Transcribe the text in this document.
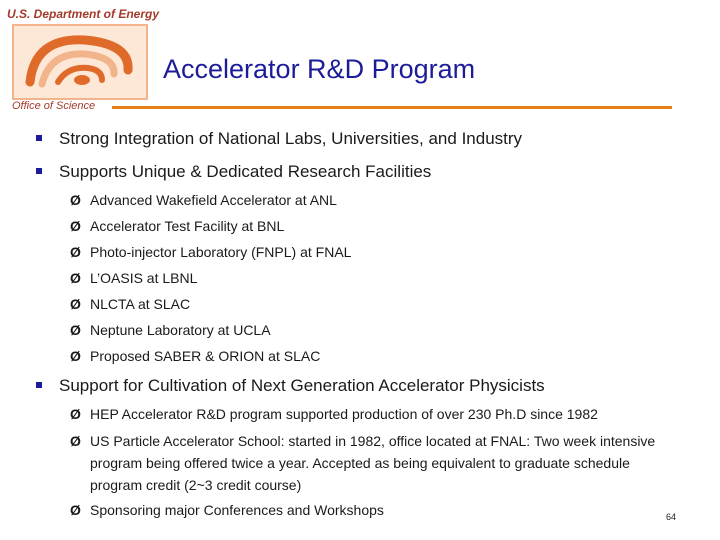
U.S. Department of Energy
Accelerator R&D Program
Office of Science
Strong Integration of National Labs, Universities, and Industry
Supports Unique & Dedicated Research Facilities
Ø Advanced Wakefield Accelerator at ANL
Ø Accelerator Test Facility at BNL
Ø Photo-injector Laboratory (FNPL) at FNAL
Ø L’OASIS at LBNL
Ø NLCTA at SLAC
Ø Neptune Laboratory at UCLA
Ø Proposed SABER & ORION at SLAC
Support for Cultivation of Next Generation Accelerator Physicists
Ø HEP Accelerator R&D program supported production of over 230 Ph.D since 1982
Ø US Particle Accelerator School: started in 1982, office located at FNAL: Two week intensive program being offered twice a year. Accepted as being equivalent to graduate schedule program credit (2~3 credit course)
Ø Sponsoring major Conferences and Workshops	64
